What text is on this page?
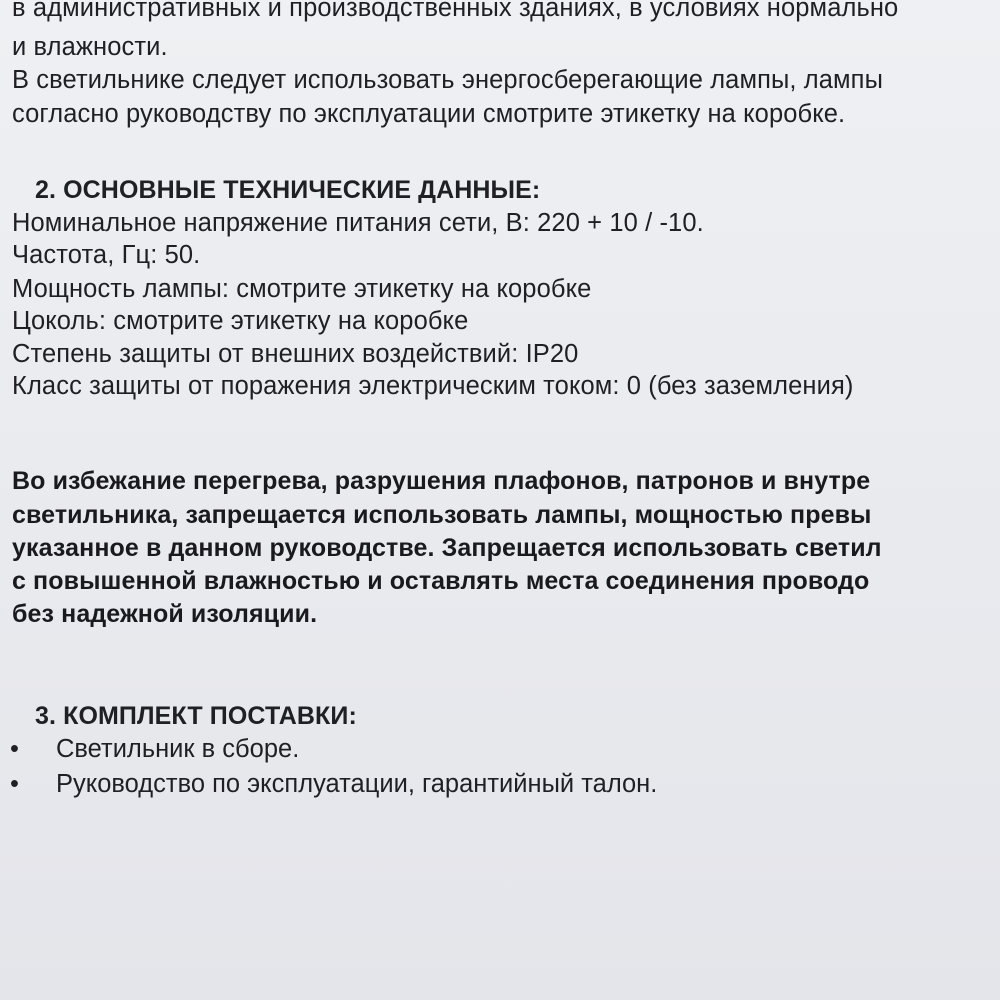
в административных и производственных зданиях, в условиях нормально
и влажности.
В светильнике следует использовать энергосберегающие лампы, лампы
согласно руководству по эксплуатации смотрите этикетку на коробке.
2. ОСНОВНЫЕ ТЕХНИЧЕСКИЕ ДАННЫЕ:
Номинальное напряжение питания сети, В: 220 + 10 / -10.
Частота, Гц: 50.
Мощность лампы: смотрите этикетку на коробке
Цоколь: смотрите этикетку на коробке
Степень защиты от внешних воздействий: IP20
Класс защиты от поражения электрическим током: 0 (без заземления)
Во избежание перегрева, разрушения плафонов, патронов и внутре
светильника, запрещается использовать лампы, мощностью превы
указанное в данном руководстве. Запрещается использовать светил
с повышенной влажностью и оставлять места соединения проводо
без надежной изоляции.
3. КОМПЛЕКТ ПОСТАВКИ:
• Светильник в сборе.
• Руководство по эксплуатации, гарантийный талон.
